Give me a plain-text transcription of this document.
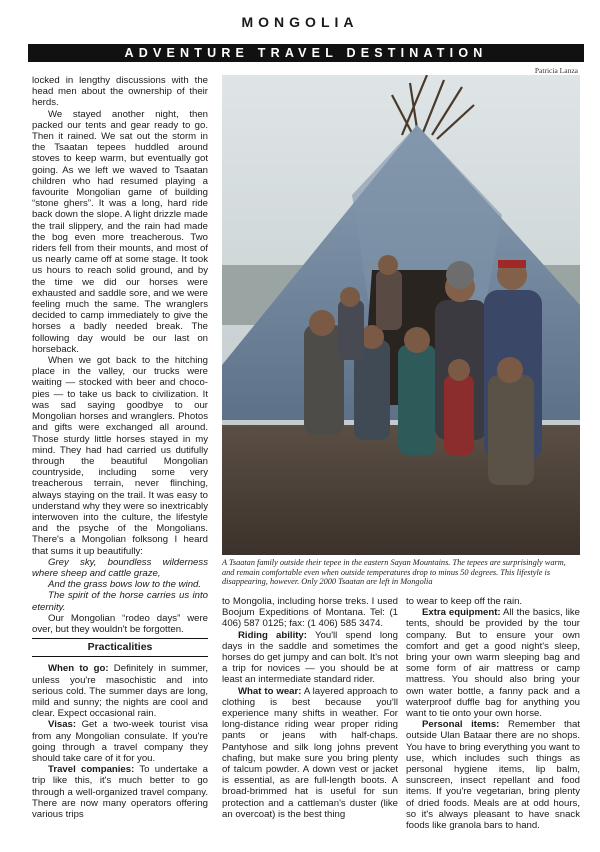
MONGOLIA
ADVENTURE TRAVEL DESTINATION
Patricia Lanza

locked in lengthy discussions with the head men about the ownership of their herds.

We stayed another night, then packed our tents and gear ready to go. Then it rained. We sat out the storm in the Tsaatan tepees huddled around stoves to keep warm, but eventually got going. As we left we waved to Tsaatan children who had resumed playing a favourite Mongolian game of building “stone ghers”. It was a long, hard ride back down the slope. A light drizzle made the trail slippery, and the rain had made the bog even more treacherous. Two riders fell from their mounts, and most of us nearly came off at some stage. It took us hours to reach solid ground, and by the time we did our horses were exhausted and saddle sore, and we were feeling much the same. The wranglers decided to camp immediately to give the horses a badly needed break. The following day would be our last on horseback.

When we got back to the hitching place in the valley, our trucks were waiting — stocked with beer and choco-pies — to take us back to civilization. It was sad saying goodbye to our Mongolian horses and wranglers. Photos and gifts were exchanged all around. Those sturdy little horses stayed in my mind. They had had carried us dutifully through the beautiful Mongolian countryside, including some very treacherous terrain, never flinching, always staying on the trail. It was easy to understand why they were so inextricably interwoven into the culture, the lifestyle and the psyche of the Mongolians. There's a Mongolian folksong I heard that sums it up beautifully:

Grey sky, boundless wilderness where sheep and cattle graze,

And the grass bows low to the wind.

The spirit of the horse carries us into eternity.

Our Mongolian “rodeo days” were over, but they wouldn't be forgotten.

Practicalities

When to go: Definitely in summer, unless you're masochistic and into serious cold. The summer days are long, mild and sunny; the nights are cool and clear. Expect occasional rain.

Visas: Get a two-week tourist visa from any Mongolian consulate. If you're going through a travel company they should take care of it for you.

Travel companies: To undertake a trip like this, it's much better to go through a well-organized travel company. There are now many operators offering various trips

A Tsaatan family outside their tepee in the eastern Sayan Mountains. The tepees are surprisingly warm, and remain comfortable even when outside temperatures drop to minus 50 degrees. This lifestyle is disappearing, however. Only 2000 Tsaatan are left in Mongolia

to Mongolia, including horse treks. I used Boojum Expeditions of Montana. Tel: (1 406) 587 0125; fax: (1 406) 585 3474.

Riding ability: You'll spend long days in the saddle and sometimes the horses do get jumpy and can bolt. It's not a trip for novices — you should be at least an intermediate standard rider.

What to wear: A layered approach to clothing is best because you'll experience many shifts in weather. For long-distance riding wear proper riding pants or jeans with half-chaps. Pantyhose and silk long johns prevent chafing, but make sure you bring plenty of talcum powder. A down vest or jacket is essential, as are full-length boots. A broad-brimmed hat is useful for sun protection and a cattleman's duster (like an overcoat) is the best thing

to wear to keep off the rain.

Extra equipment: All the basics, like tents, should be provided by the tour company. But to ensure your own comfort and get a good night's sleep, bring your own warm sleeping bag and some form of air mattress or camp mattress. You should also bring your own water bottle, a fanny pack and a waterproof duffle bag for anything you want to tie onto your own horse.

Personal items: Remember that outside Ulan Bataar there are no shops. You have to bring everything you want to use, which includes such things as personal hygiene items, lip balm, sunscreen, insect repellant and food items. If you're vegetarian, bring plenty of dried foods. Meals are at odd hours, so it's always pleasant to have snack foods like granola bars to hand.
